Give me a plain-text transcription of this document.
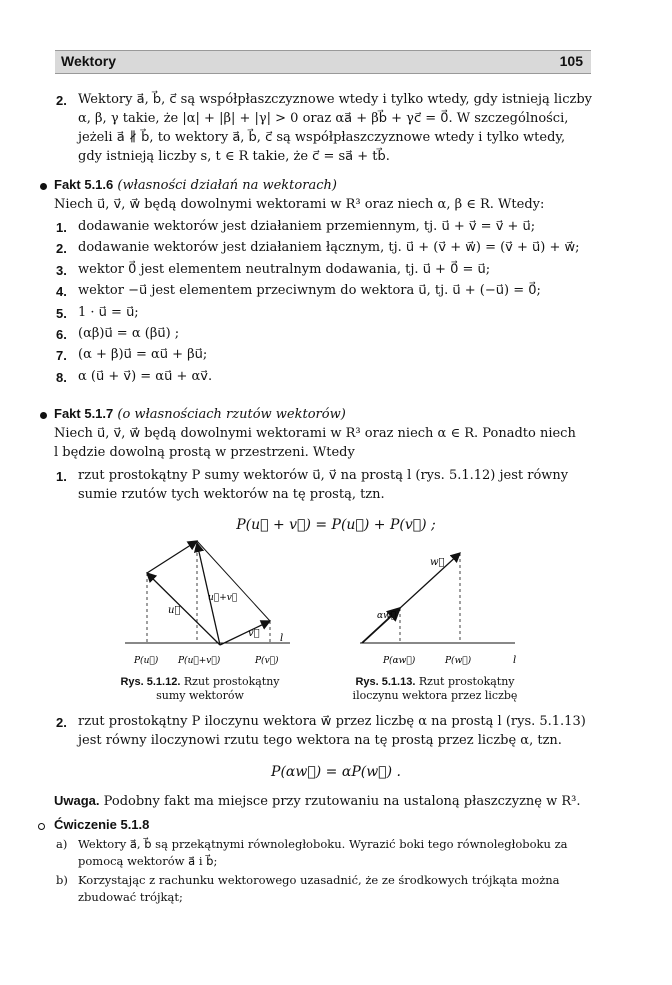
Wektory	105
2. Wektory a⃗, b⃗, c⃗ są współpłaszczyznowe wtedy i tylko wtedy, gdy istnieją liczby
α, β, γ takie, że |α| + |β| + |γ| > 0 oraz αa⃗ + βb⃗ + γc⃗ = 0⃗. W szczególności,
jeżeli a⃗ ∦ b⃗, to wektory a⃗, b⃗, c⃗ są współpłaszczyznowe wtedy i tylko wtedy,
gdy istnieją liczby s, t ∈ R takie, że c⃗ = sa⃗ + tb⃗.
Fakt 5.1.6 (własności działań na wektorach)
Niech u⃗, v⃗, w⃗ będą dowolnymi wektorami w R³ oraz niech α, β ∈ R. Wtedy:
1. dodawanie wektorów jest działaniem przemiennym, tj. u⃗ + v⃗ = v⃗ + u⃗;
2. dodawanie wektorów jest działaniem łącznym, tj. u⃗ + (v⃗ + w⃗) = (v⃗ + u⃗) + w⃗;
3. wektor 0⃗ jest elementem neutralnym dodawania, tj. u⃗ + 0⃗ = u⃗;
4. wektor −u⃗ jest elementem przeciwnym do wektora u⃗, tj. u⃗ + (−u⃗) = 0⃗;
5. 1 · u⃗ = u⃗;
6. (αβ)u⃗ = α (βu⃗) ;
7. (α + β)u⃗ = αu⃗ + βu⃗;
8. α (u⃗ + v⃗) = αu⃗ + αv⃗.
Fakt 5.1.7 (o własnościach rzutów wektorów)
Niech u⃗, v⃗, w⃗ będą dowolnymi wektorami w R³ oraz niech α ∈ R. Ponadto niech
l będzie dowolną prostą w przestrzeni. Wtedy
1. rzut prostokątny P sumy wektorów u⃗, v⃗ na prostą l (rys. 5.1.12) jest równy
sumie rzutów tych wektorów na tę prostą, tzn.
P(u⃗ + v⃗) = P(u⃗) + P(v⃗) ;
u⃗
u⃗+v⃗
v⃗ l
P(u⃗) P(u⃗+v⃗)	P(v⃗)
w⃗
αw⃗
l
P(αw⃗)	P(w⃗)
Rys. 5.1.12. Rzut prostokątny
sumy wektorów
Rys. 5.1.13. Rzut prostokątny
iloczynu wektora przez liczbę
2. rzut prostokątny P iloczynu wektora w⃗ przez liczbę α na prostą l (rys. 5.1.13)
jest równy iloczynowi rzutu tego wektora na tę prostą przez liczbę α, tzn.
P(αw⃗) = αP(w⃗) .
Uwaga. Podobny fakt ma miejsce przy rzutowaniu na ustaloną płaszczyznę w R³.
Ćwiczenie 5.1.8
a) Wektory a⃗, b⃗ są przekątnymi równoległoboku. Wyrazić boki tego równoległoboku za
pomocą wektorów a⃗ i b⃗;
b) Korzystając z rachunku wektorowego uzasadnić, że ze środkowych trójkąta można
zbudować trójkąt;
